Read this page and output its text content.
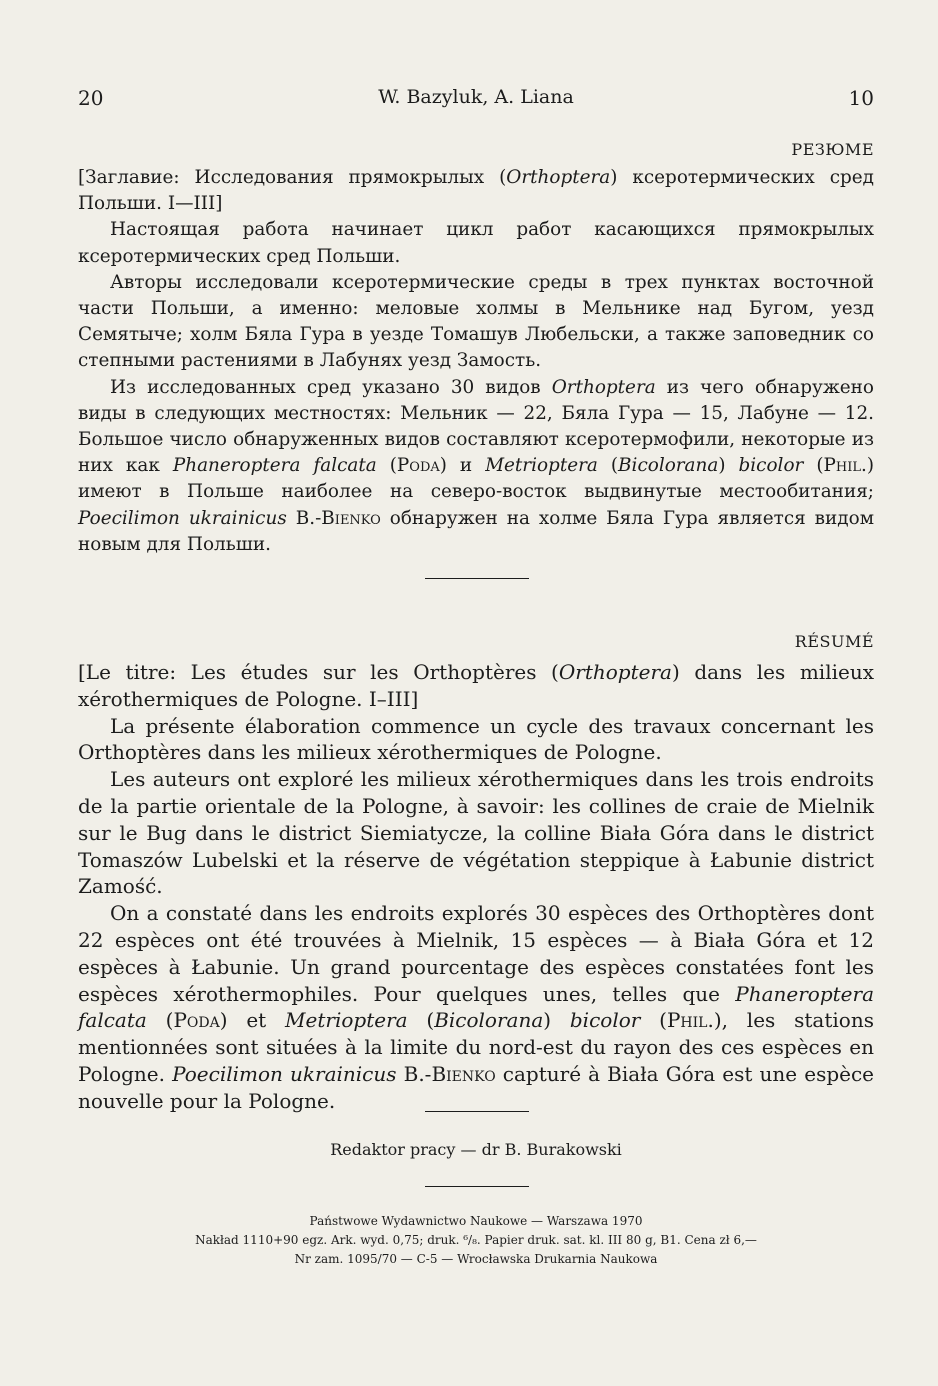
20	W. Bazyluk, A. Liana	10
РЕЗЮМЕ

[Заглавие: Исследования прямокрылых (Orthoptera) ксеротермических сред Польши. I—III]

Настоящая работа начинает цикл работ касающихся прямокрылых ксеротермических сред Польши.

Авторы исследовали ксеротермические среды в трех пунктах восточной части Польши, а именно: меловые холмы в Мельнике над Бугом, уезд Семятыче; холм Бяла Гура в уезде Томашув Любельски, а также заповедник со степными растениями в Лабунях уезд Замость.

Из исследованных сред указано 30 видов Orthoptera из чего обнаружено виды в следующих местностях: Мельник — 22, Бяла Гура — 15, Лабуне — 12. Большое число обнаруженных видов составляют ксеротермофили, некоторые из них как Phaneroptera falcata (Poda) и Metrioptera (Bicolorana) bicolor (Phil.) имеют в Польше наиболее на северо-восток выдвинутые местообитания; Poecilimon ukrainicus B.-Bienko обнаружен на холме Бяла Гура является видом новым для Польши.

RÉSUMÉ

[Le titre: Les études sur les Orthoptères (Orthoptera) dans les milieux xérothermiques de Pologne. I–III]

La présente élaboration commence un cycle des travaux concernant les Orthoptères dans les milieux xérothermiques de Pologne.

Les auteurs ont exploré les milieux xérothermiques dans les trois endroits de la partie orientale de la Pologne, à savoir: les collines de craie de Mielnik sur le Bug dans le district Siemiatycze, la colline Biała Góra dans le district Tomaszów Lubelski et la réserve de végétation steppique à Łabunie district Zamość.

On a constaté dans les endroits explorés 30 espèces des Orthoptères dont 22 espèces ont été trouvées à Mielnik, 15 espèces — à Biała Góra et 12 espèces à Łabunie. Un grand pourcentage des espèces constatées font les espèces xérothermophiles. Pour quelques unes, telles que Phaneroptera falcata (Poda) et Metrioptera (Bicolorana) bicolor (Phil.), les stations mentionnées sont situées à la limite du nord-est du rayon des ces espèces en Pologne. Poecilimon ukrainicus B.-Bienko capturé à Biała Góra est une espèce nouvelle pour la Pologne.

Redaktor pracy — dr B. Burakowski
Państwowe Wydawnictwo Naukowe — Warszawa 1970
Nakład 1110+90 egz. Ark. wyd. 0,75; druk. ⁶/₈. Papier druk. sat. kl. III 80 g, B1. Cena zł 6,—
Nr zam. 1095/70 — C-5 — Wrocławska Drukarnia Naukowa
